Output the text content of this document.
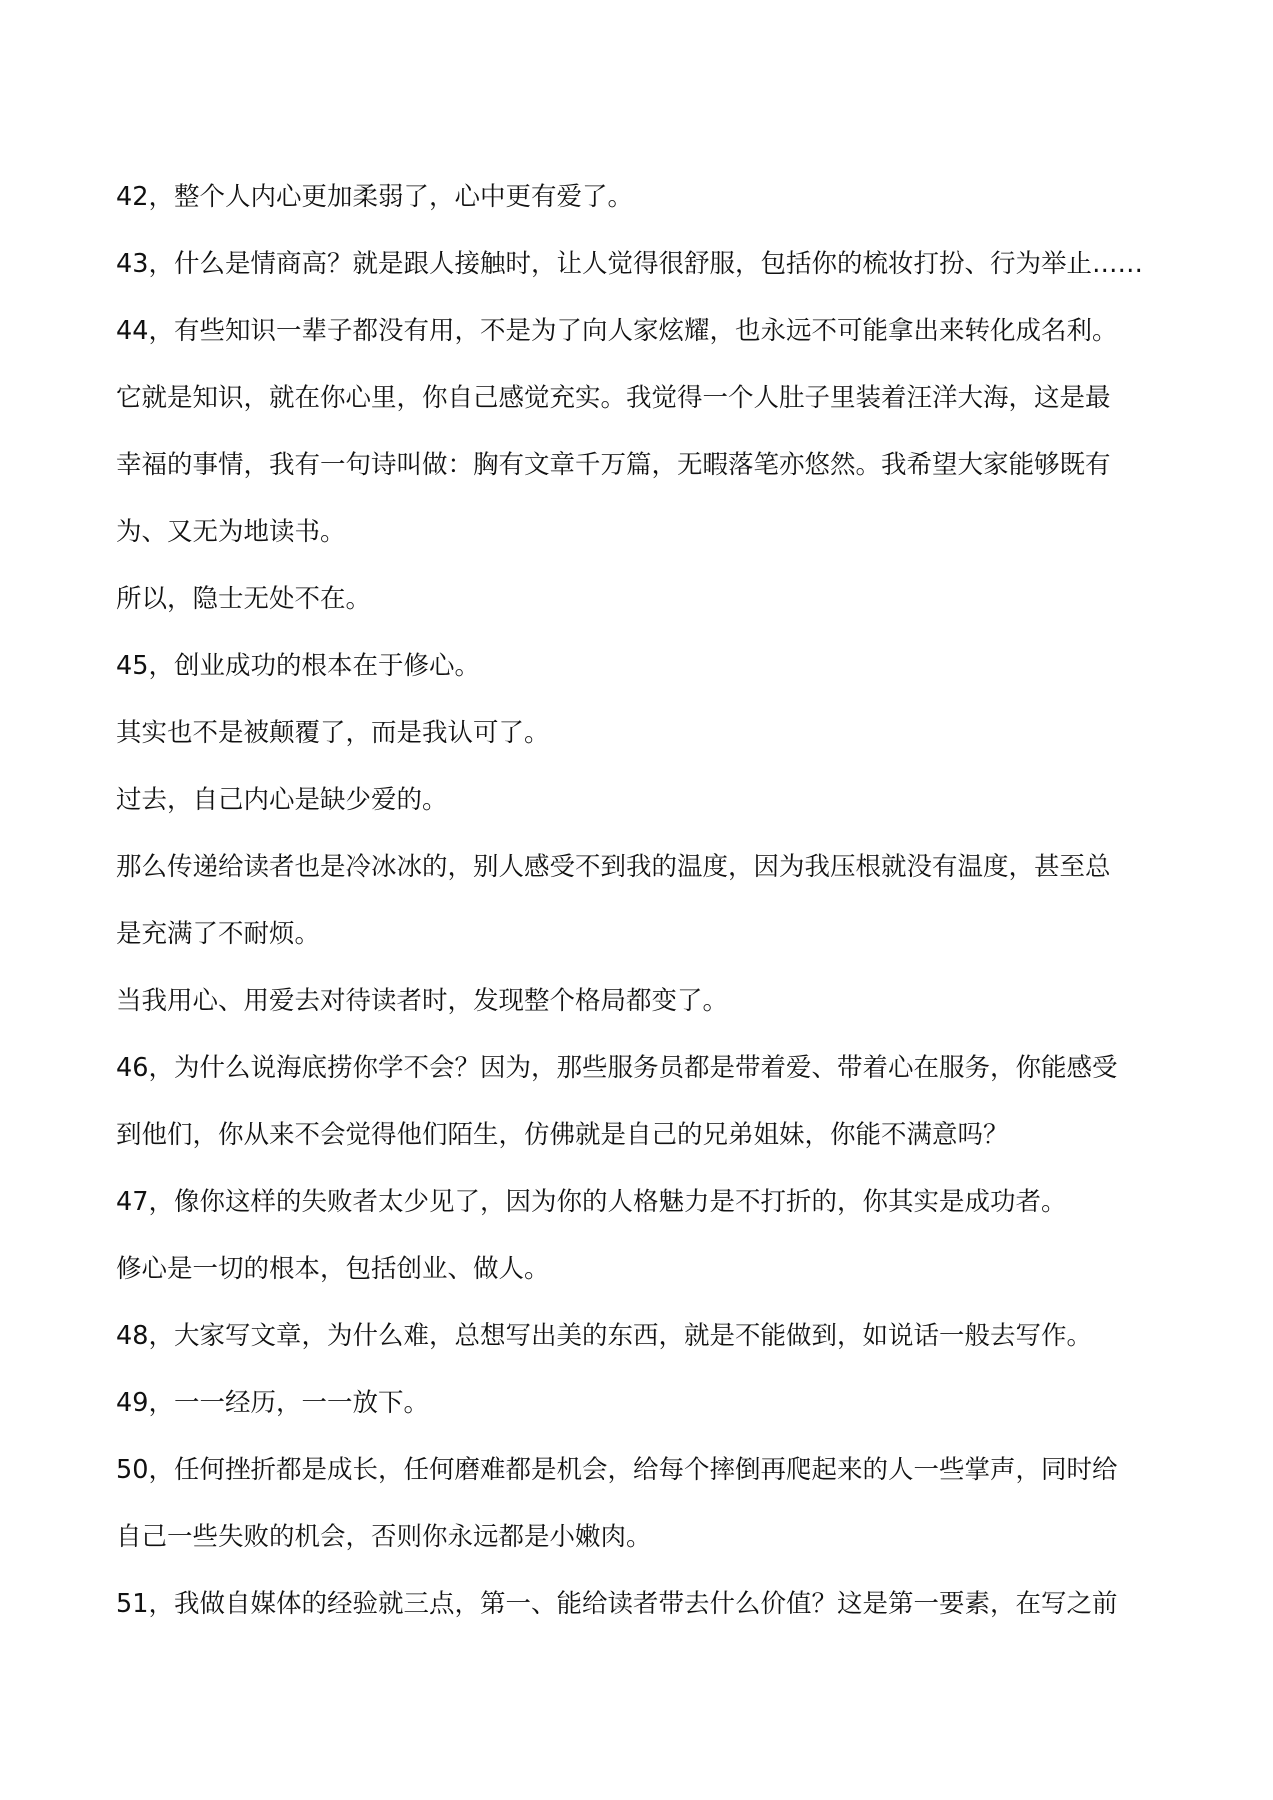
42，整个人内心更加柔弱了，心中更有爱了。
43，什么是情商高？就是跟人接触时，让人觉得很舒服，包括你的梳妆打扮、行为举止……
44，有些知识一辈子都没有用，不是为了向人家炫耀，也永远不可能拿出来转化成名利。
它就是知识，就在你心里，你自己感觉充实。我觉得一个人肚子里装着汪洋大海，这是最
幸福的事情，我有一句诗叫做：胸有文章千万篇，无暇落笔亦悠然。我希望大家能够既有
为、又无为地读书。
所以，隐士无处不在。
45，创业成功的根本在于修心。
其实也不是被颠覆了，而是我认可了。
过去，自己内心是缺少爱的。
那么传递给读者也是冷冰冰的，别人感受不到我的温度，因为我压根就没有温度，甚至总
是充满了不耐烦。
当我用心、用爱去对待读者时，发现整个格局都变了。
46，为什么说海底捞你学不会？因为，那些服务员都是带着爱、带着心在服务，你能感受
到他们，你从来不会觉得他们陌生，仿佛就是自己的兄弟姐妹，你能不满意吗？
47，像你这样的失败者太少见了，因为你的人格魅力是不打折的，你其实是成功者。
修心是一切的根本，包括创业、做人。
48，大家写文章，为什么难，总想写出美的东西，就是不能做到，如说话一般去写作。
49，一一经历，一一放下。
50，任何挫折都是成长，任何磨难都是机会，给每个摔倒再爬起来的人一些掌声，同时给
自己一些失败的机会，否则你永远都是小嫩肉。
51，我做自媒体的经验就三点，第一、能给读者带去什么价值？这是第一要素，在写之前
